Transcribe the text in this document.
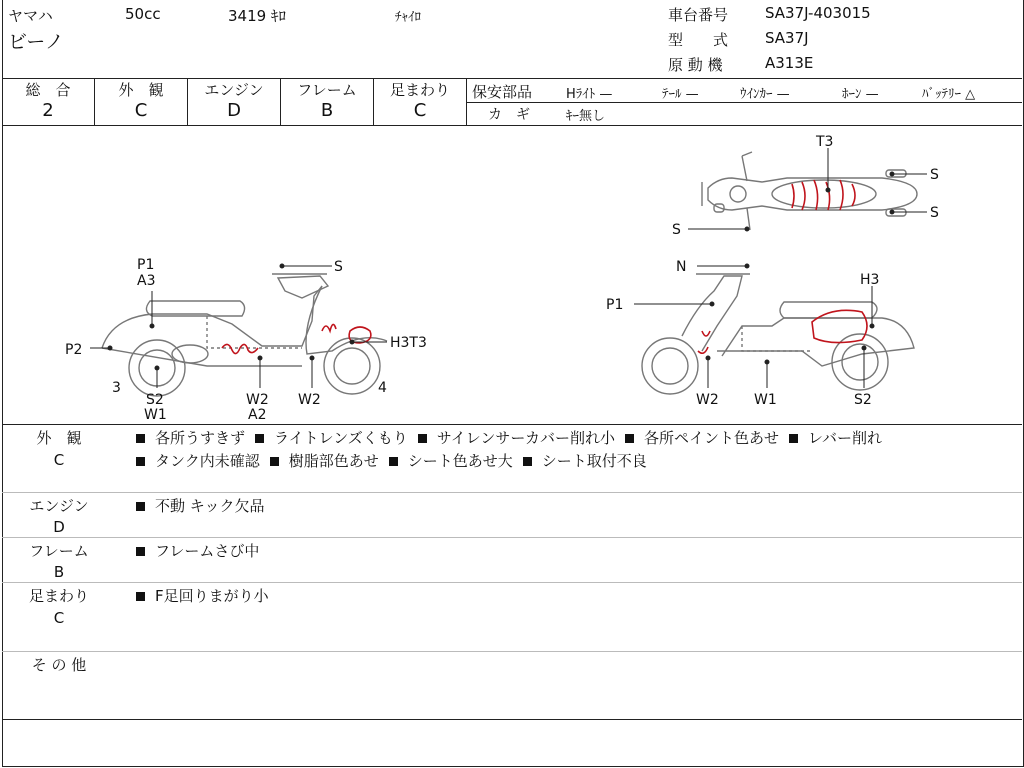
ヤマハ	50cc	3419 ｷﾛ	ﾁｬｲﾛ
ビーノ
車台番号 SA37J-403015
型　　式 SA37J
原 動 機	A313E
総　合
2
外　観
C
エンジン
D
フレーム
B
足まわり
C
保安部品	Hﾗｲﾄ —	ﾃｰﾙ —	ｳｲﾝｶｰ —	ﾎｰﾝ —	ﾊﾞｯﾃﾘｰ △
カ　ギ	ｷｰ無し
P1
A3
S
P2	H3T3
3
S2
W1
W2
A2
W2
4
N
H3
P1
W2	W1	S2
T3
S
S
S
外　観
C
各所うすきず ライトレンズくもり サイレンサーカバー削れ小 各所ペイント色あせ レバー削れ
タンク内未確認 樹脂部色あせ シート色あせ大 シート取付不良
エンジン
D
不動 キック欠品
フレーム
B
フレームさび中
足まわり
C
F足回りまがり小
そ の 他
